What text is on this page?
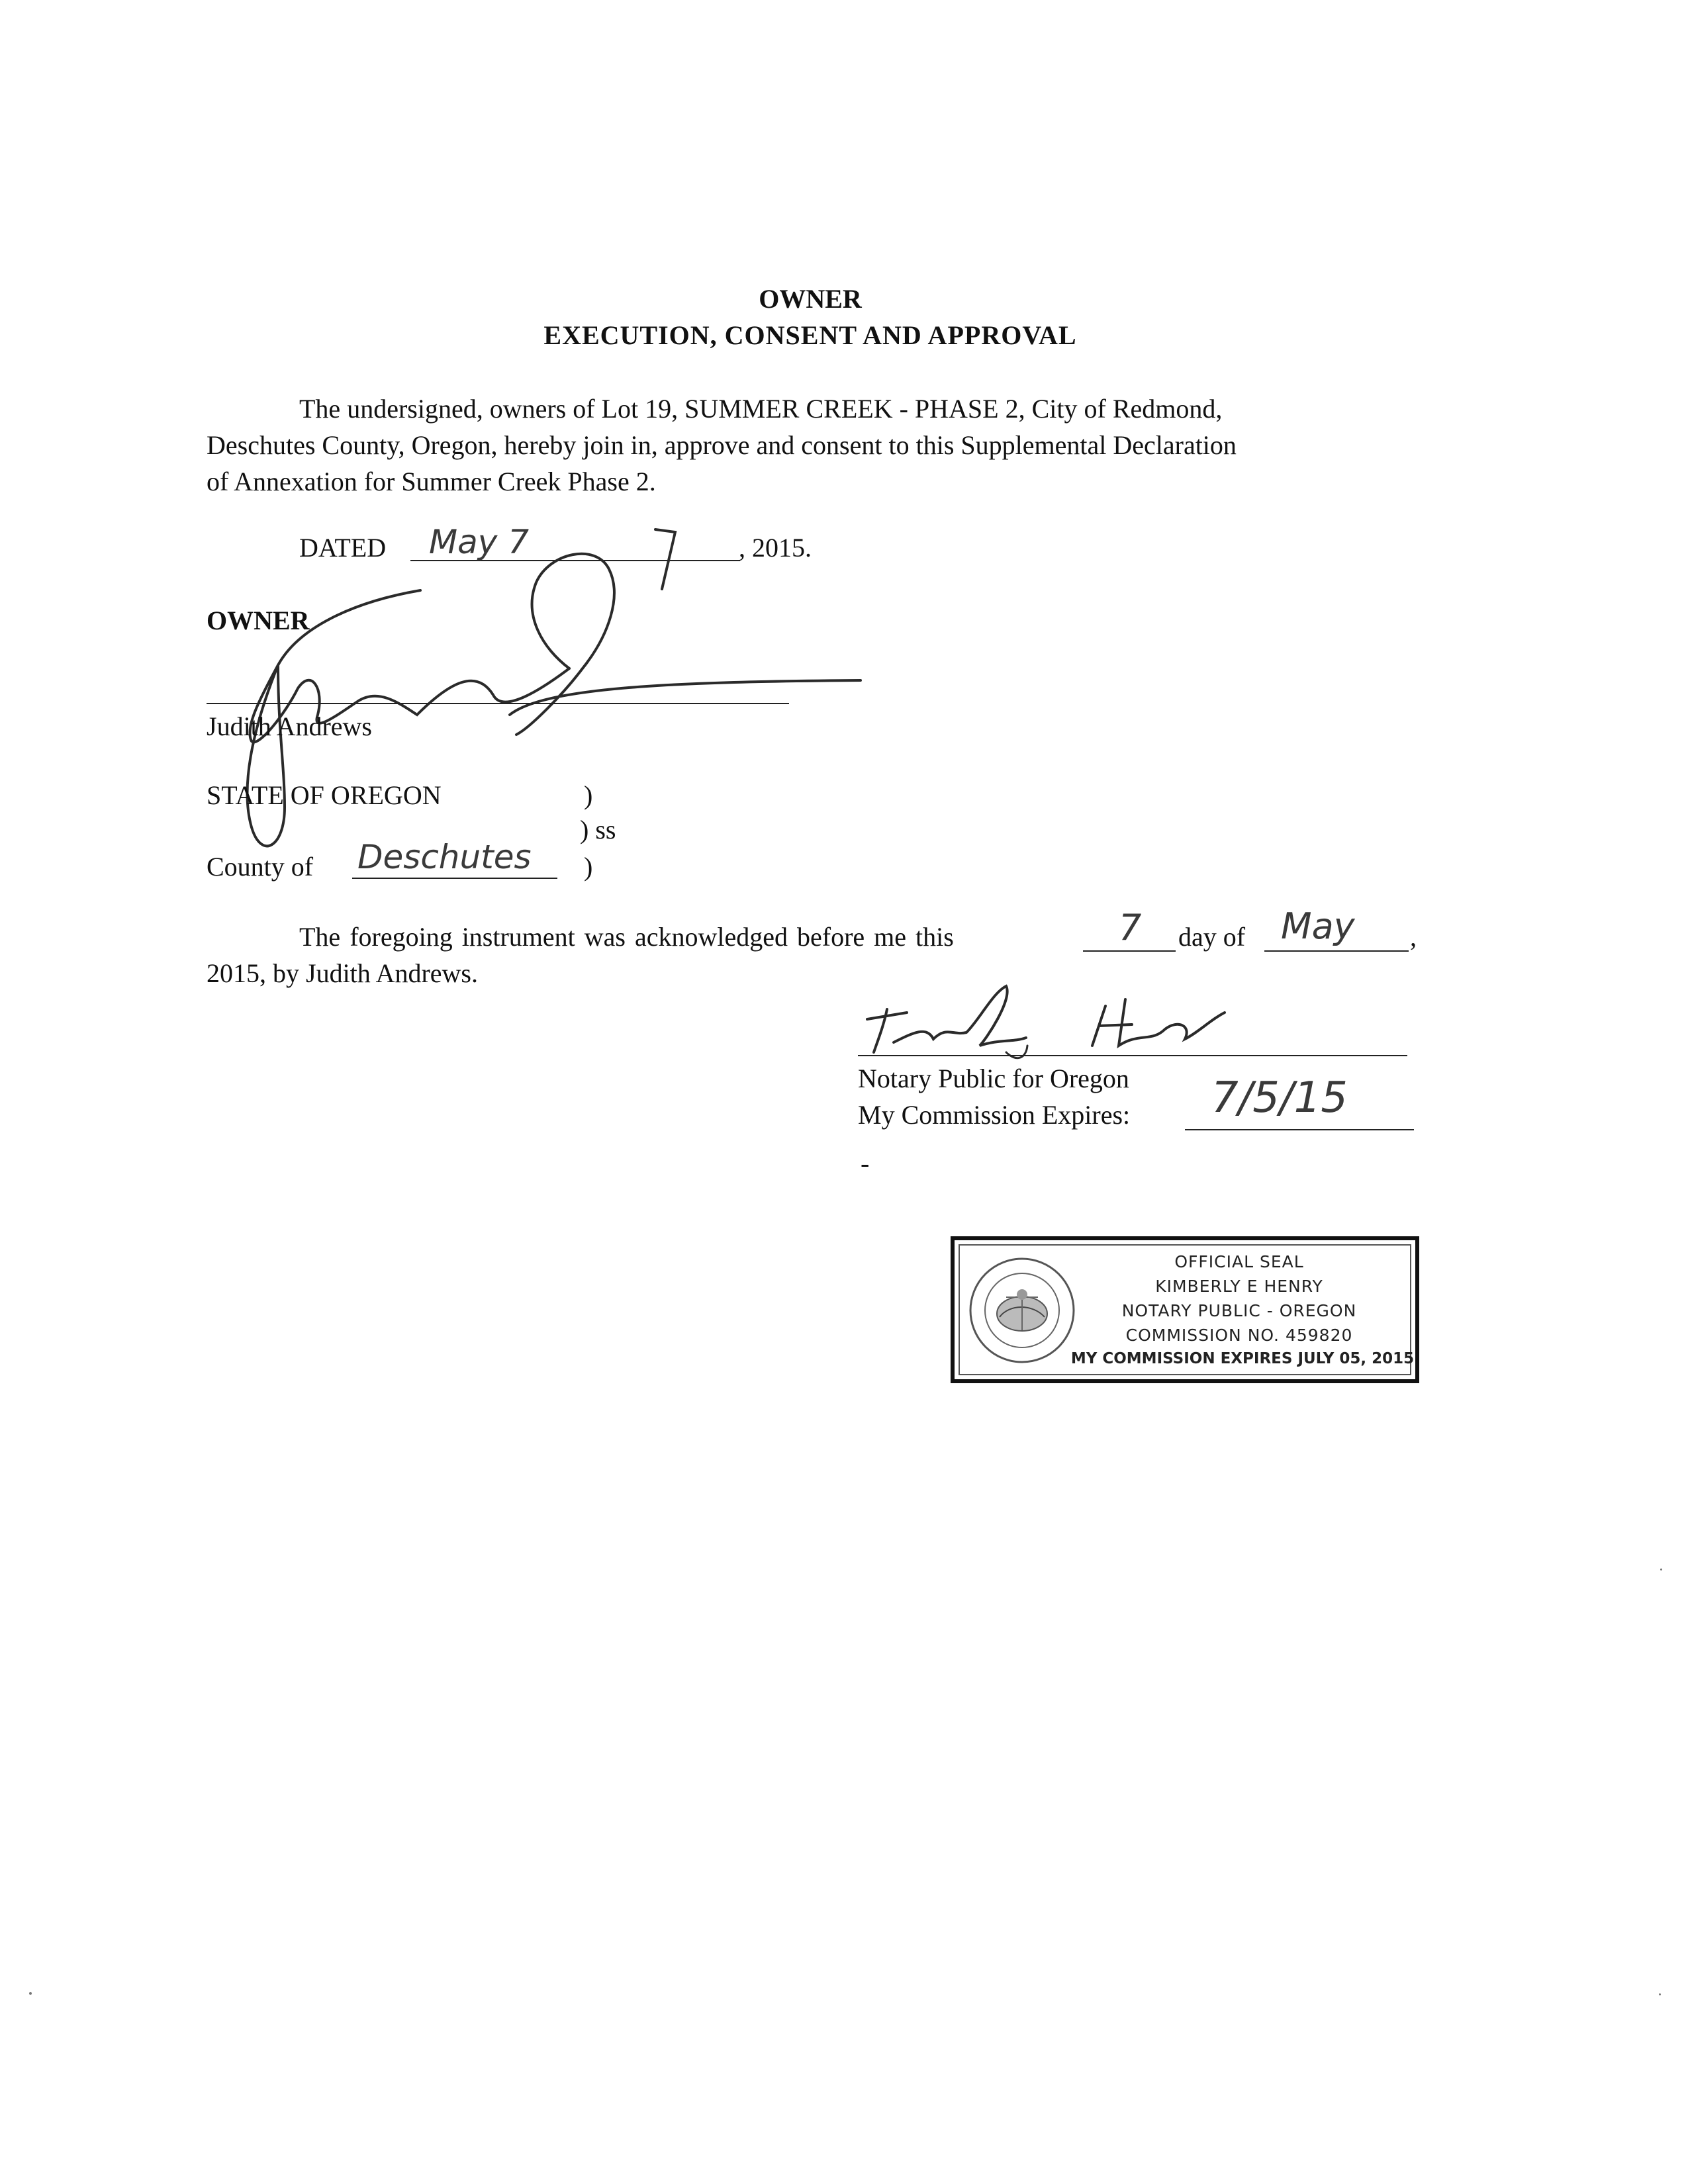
OWNER
EXECUTION, CONSENT AND APPROVAL
The undersigned, owners of Lot 19, SUMMER CREEK - PHASE 2, City of Redmond,
Deschutes County, Oregon, hereby join in, approve and consent to this Supplemental Declaration
of Annexation for Summer Creek Phase 2.
DATED May 7	, 2015.
OWNER
Judith Andrews
STATE OF OREGON	)
) ss
County of Deschutes )
The foregoing instrument was acknowledged before me this	7 day of May ,
2015, by Judith Andrews.
Notary Public for Oregon
My Commission Expires: 7/5/15
-
OFFICIAL SEAL
KIMBERLY E HENRY
NOTARY PUBLIC - OREGON
COMMISSION NO. 459820
MY COMMISSION EXPIRES JULY 05, 2015
